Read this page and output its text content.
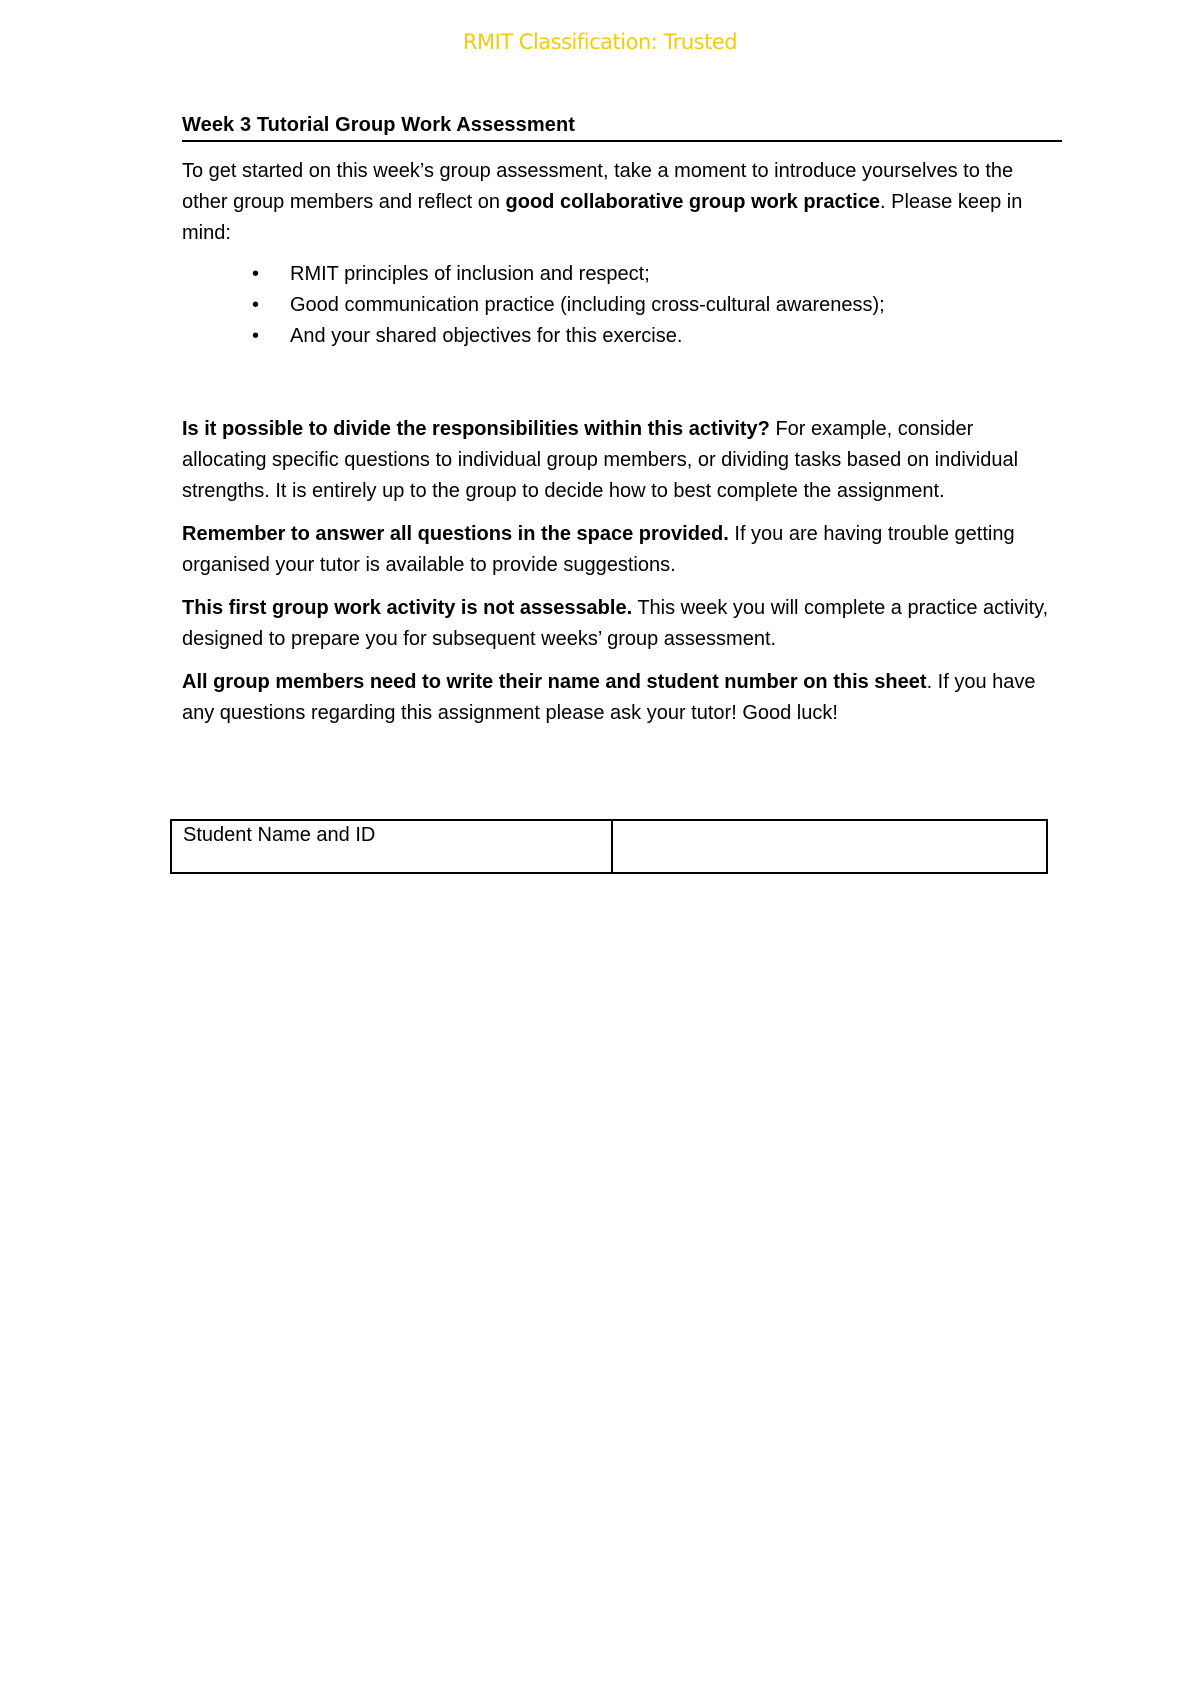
RMIT Classification: Trusted
Week 3 Tutorial Group Work Assessment

To get started on this week’s group assessment, take a moment to introduce yourselves to the other group members and reflect on good collaborative group work practice. Please keep in mind:

• RMIT principles of inclusion and respect;
• Good communication practice (including cross-cultural awareness);
• And your shared objectives for this exercise.

Is it possible to divide the responsibilities within this activity? For example, consider allocating specific questions to individual group members, or dividing tasks based on individual strengths. It is entirely up to the group to decide how to best complete the assignment.

Remember to answer all questions in the space provided. If you are having trouble getting organised your tutor is available to provide suggestions.

This first group work activity is not assessable. This week you will complete a practice activity, designed to prepare you for subsequent weeks’ group assessment.

All group members need to write their name and student number on this sheet. If you have any questions regarding this assignment please ask your tutor! Good luck!

Student Name and ID
